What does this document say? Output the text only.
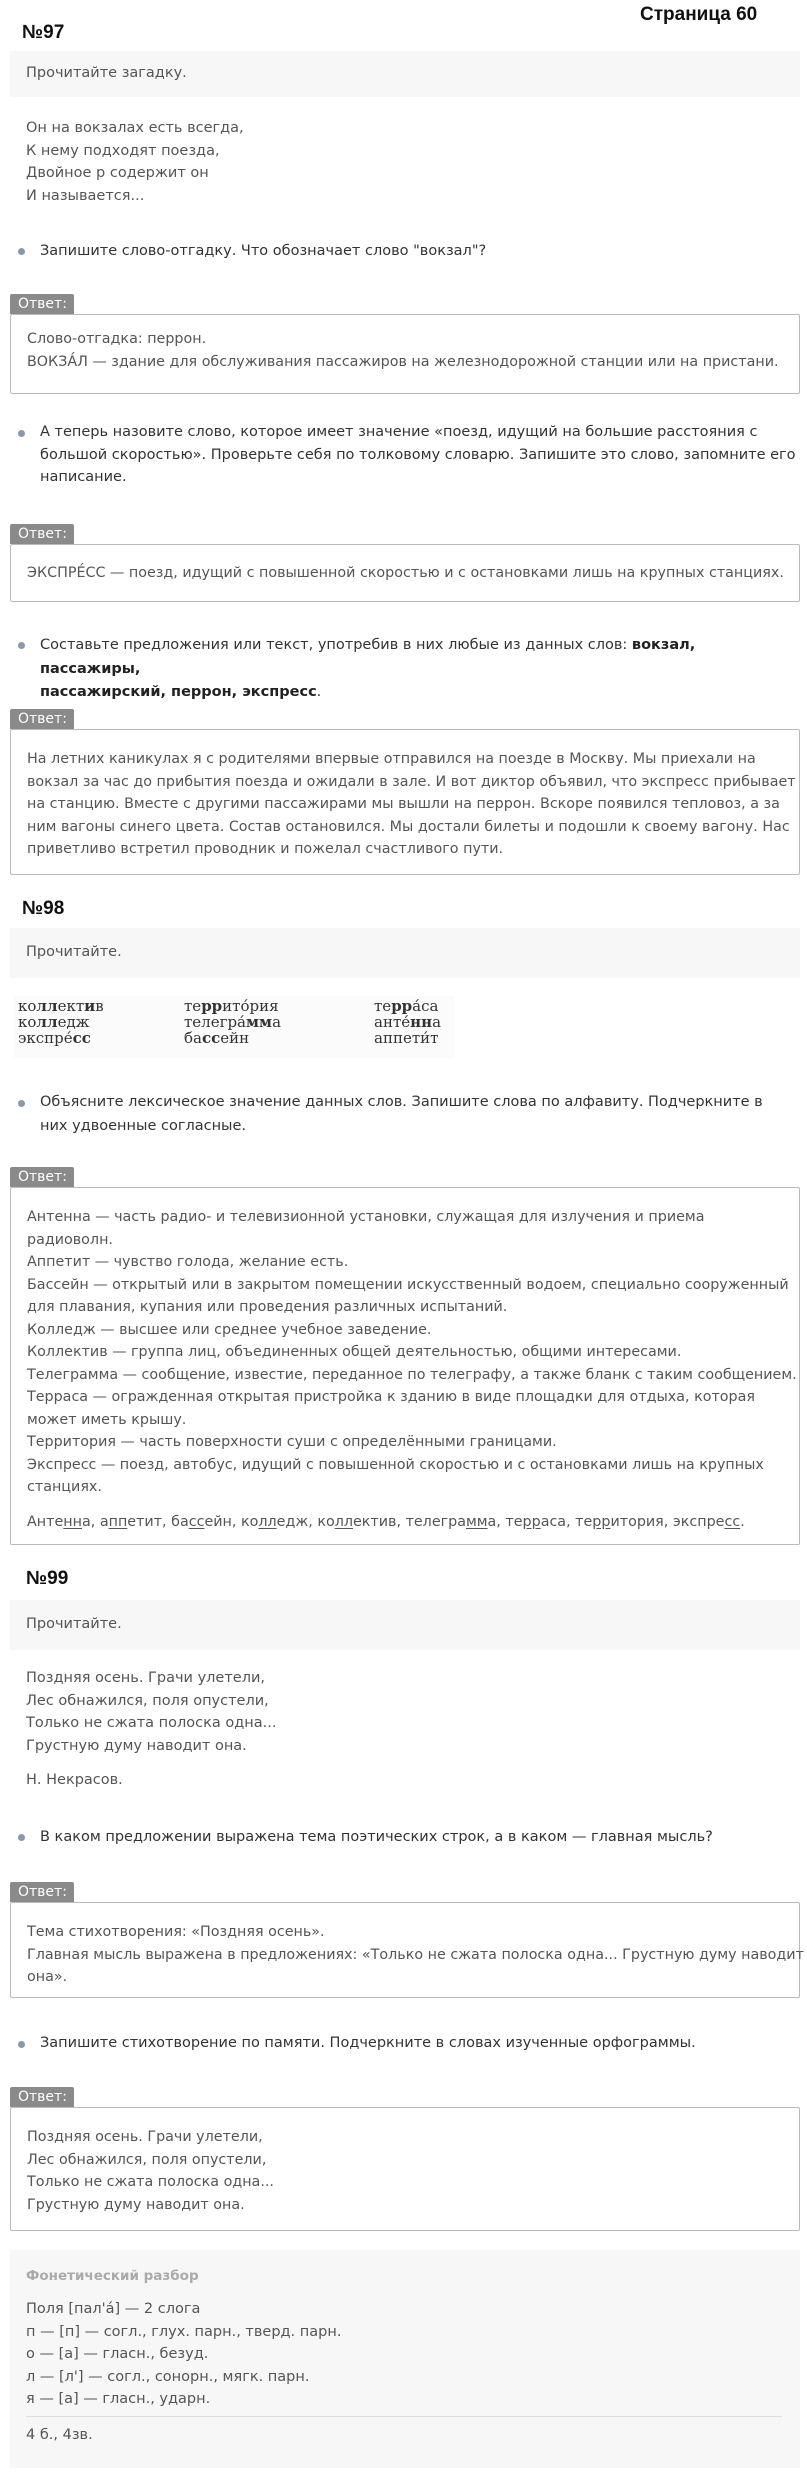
Страница 60
№97
Прочитайте загадку.
Он на вокзалах есть всегда,
К нему подходят поезда,
Двойное р содержит он
И называется...
Запишите слово-отгадку. Что обозначает слово "вокзал"?
Ответ:
Слово-отгадка: перрон.
ВОКЗА́Л — здание для обслуживания пассажиров на железнодорожной станции или на пристани.
А теперь назовите слово, которое имеет значение «поезд, идущий на большие расстояния с
большой скоростью». Проверьте себя по толковому словарю. Запишите это слово, запомните его
написание.
Ответ:
ЭКСПРЕ́СС — поезд, идущий с повышенной скоростью и с остановками лишь на крупных станциях.
Составьте предложения или текст, употребив в них любые из данных слов: вокзал, пассажиры,
пассажирский, перрон, экспресс.
Ответ:
На летних каникулах я с родителями впервые отправился на поезде в Москву. Мы приехали на
вокзал за час до прибытия поезда и ожидали в зале. И вот диктор объявил, что экспресс прибывает
на станцию. Вместе с другими пассажирами мы вышли на перрон. Вскоре появился тепловоз, а за
ним вагоны синего цвета. Состав остановился. Мы достали билеты и подошли к своему вагону. Нас
приветливо встретил проводник и пожелал счастливого пути.
№98
Прочитайте.
коллектив
колледж
экспре́сс
террито́рия
телегра́мма
бассейн
терра́са
анте́нна
аппети́т
Объясните лексическое значение данных слов. Запишите слова по алфавиту. Подчеркните в них удвоенные согласные.
Ответ:
Антенна — часть радио- и телевизионной установки, служащая для излучения и приема
радиоволн.
Аппетит — чувство голода, желание есть.
Бассейн — открытый или в закрытом помещении искусственный водоем, специально сооруженный
для плавания, купания или проведения различных испытаний.
Колледж — высшее или среднее учебное заведение.
Коллектив — группа лиц, объединенных общей деятельностью, общими интересами.
Телеграмма — сообщение, известие, переданное по телеграфу, а также бланк с таким сообщением.
Терраса — огражденная открытая пристройка к зданию в виде площадки для отдыха, которая
может иметь крышу.
Территория — часть поверхности суши с определёнными границами.
Экспресс — поезд, автобус, идущий с повышенной скоростью и с остановками лишь на крупных
станциях.
Антенна, аппетит, бассейн, колледж, коллектив, телеграмма, терраса, территория, экспресс.
№99
Прочитайте.
Поздняя осень. Грачи улетели,
Лес обнажился, поля опустели,
Только не сжата полоска одна...
Грустную думу наводит она.
Н. Некрасов.
В каком предложении выражена тема поэтических строк, а в каком — главная мысль?
Ответ:
Тема стихотворения: «Поздняя осень».
Главная мысль выражена в предложениях: «Только не сжата полоска одна... Грустную думу наводит
она».
Запишите стихотворение по памяти. Подчеркните в словах изученные орфограммы.
Ответ:
Поздняя осень. Грачи улетели,
Лес обнажился, поля опустели,
Только не сжата полоска одна...
Грустную думу наводит она.
Фонетический разбор
Поля [пал'á] — 2 слога
п — [п] — согл., глух. парн., тверд. парн.
о — [а] — гласн., безуд.
л — [л'] — согл., сонорн., мягк. парн.
я — [а] — гласн., ударн.
4 б., 4зв.
